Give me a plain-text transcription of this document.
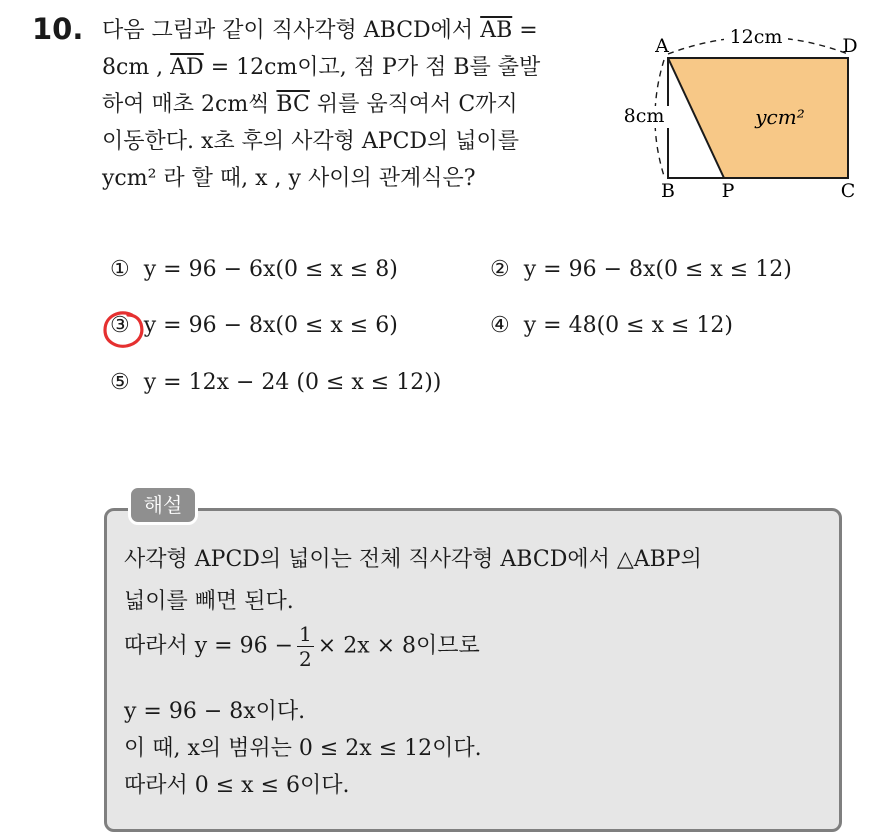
10. 다음 그림과 같이 직사각형 ABCD에서 $\overline{AB}$ =
8cm , $\overline{AD} = 12cm$이고, 점 P가 점 B를 출발
하여 매초 2cm씩 $\overline{BC}$ 위를 움직여서 C까지
이동한다. x초 후의 사각형 APCD의 넓이를
ycm² 라 할 때, x , y 사이의 관계식은?
12cm
8cm	ycm²
A	D
B P	C
① y = 96 − 6x(0 ≤ x ≤ 8)	② y = 96 − 8x(0 ≤ x ≤ 12)
③ y = 96 − 8x(0 ≤ x ≤ 6)	④ y = 48(0 ≤ x ≤ 12)
⑤ y = 12x − 24 (0 ≤ x ≤ 12))
해설
사각형 APCD의 넓이는 전체 직사각형 ABCD에서 △ABP의
넓이를 빼면 된다.
따라서 $y = 96 - \frac{1}{2} \times 2x \times 8$이므로
y = 96 − 8x이다.
이 때, x의 범위는 0 ≤ 2x ≤ 12이다.
따라서 0 ≤ x ≤ 6이다.
